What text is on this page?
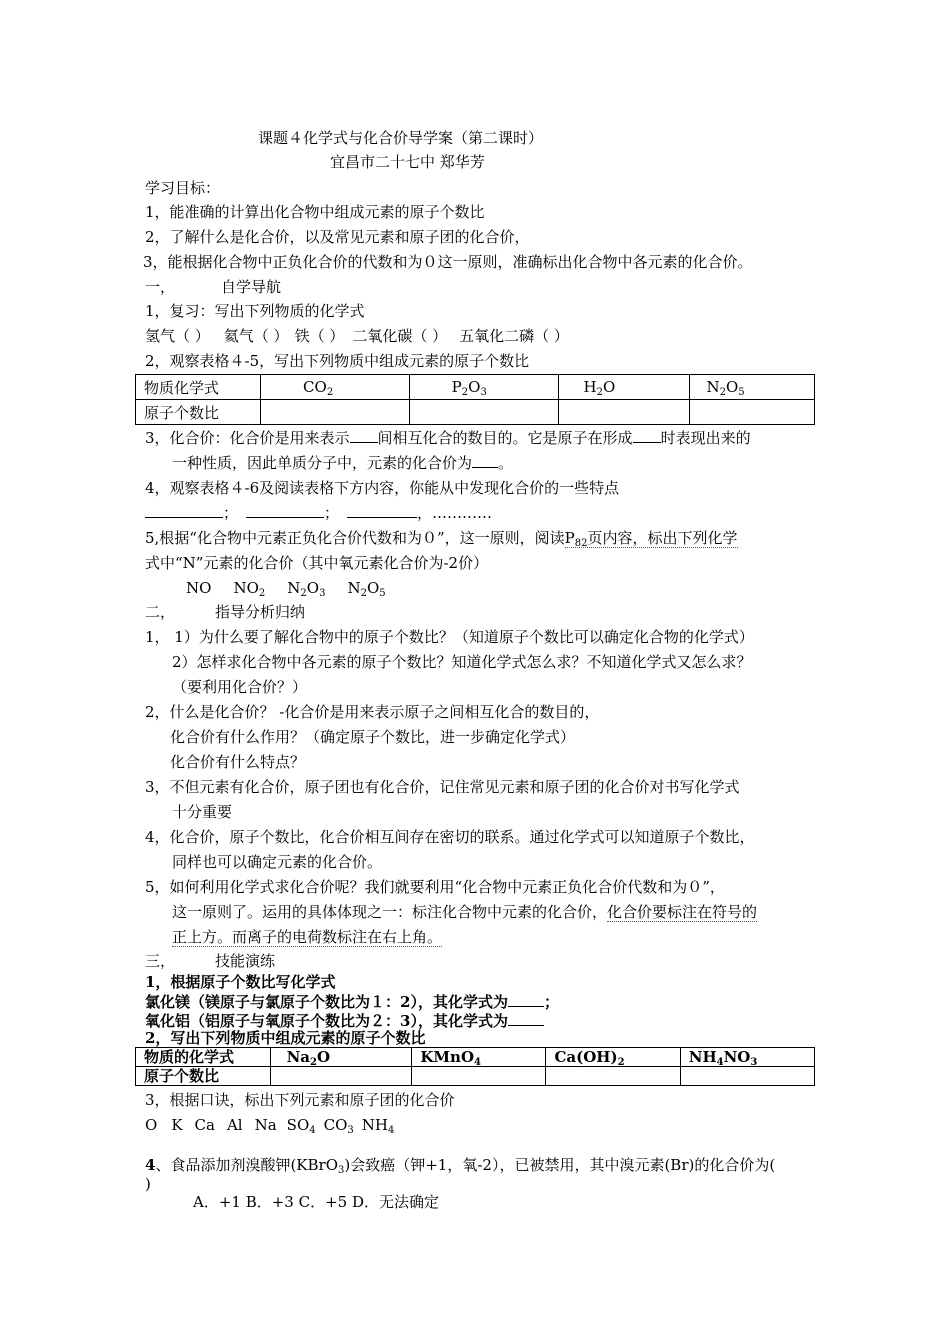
课题４化学式与化合价导学案（第二课时）
宜昌市二十七中 郑华芳
学习目标：
1，能准确的计算出化合物中组成元素的原子个数比
2，了解什么是化合价，以及常见元素和原子团的化合价，
3，能根据化合物中正负化合价的代数和为０这一原则，准确标出化合物中各元素的化合价。
一，	自学导航
1，复习：写出下列物质的化学式
氢气（ ） 氦气（ ） 铁（ ） 二氧化碳（ ） 五氧化二磷（ ）
2，观察表格４-5，写出下列物质中组成元素的原子个数比
物质化学式	$CO_2$	$P_2O_3$	$H_2O$	$N_2O_5$
原子个数比				
3，化合价：化合价是用来表示 间相互化合的数目的。它是原子在形成 时表现出来的
一种性质，因此单质分子中，元素的化合价为 。
4，观察表格４-6及阅读表格下方内容，你能从中发现化合价的一些特点
；	；	，…………
5,根据“化合物中元素正负化合价代数和为０”，这一原则，阅读$P_{82}$页内容，标出下列化学
式中“N”元素的化合价（其中氧元素化合价为-2价）
NO $NO_2$ $N_2O_3$ $N_2O_5$
二，	指导分析归纳
1， 1）为什么要了解化合物中的原子个数比？（知道原子个数比可以确定化合物的化学式）
2）怎样求化合物中各元素的原子个数比？知道化学式怎么求？不知道化学式又怎么求？
（要利用化合价？）
2，什么是化合价？ -化合价是用来表示原子之间相互化合的数目的，
化合价有什么作用？（确定原子个数比，进一步确定化学式）
化合价有什么特点？
3，不但元素有化合价，原子团也有化合价，记住常见元素和原子团的化合价对书写化学式
十分重要
4，化合价，原子个数比，化合价相互间存在密切的联系。通过化学式可以知道原子个数比，
同样也可以确定元素的化合价。
5，如何利用化学式求化合价呢？我们就要利用“化合物中元素正负化合价代数和为０”，
这一原则了。运用的具体体现之一：标注化合物中元素的化合价，化合价要标注在符号的
正上方。而离子的电荷数标注在右上角。
三，	技能演练
1，根据原子个数比写化学式
氯化镁（镁原子与氯原子个数比为１：2），其化学式为 ；
氧化铝（铝原子与氧原子个数比为２：3），其化学式为
2，写出下列物质中组成元素的原子个数比
物质的化学式	$Na_2O$	KMnO$_4$	$Ca(OH)_2$	$NH_4NO_3$
原子个数比				
3，根据口诀，标出下列元素和原子团的化合价
O K Ca Al Na $SO_4$ $CO_3$ $NH_4$
4、食品添加剂溴酸钾(KBrO$_3$)会致癌（钾+1，氧-2），已被禁用，其中溴元素(Br)的化合价为(
)
A．+1 B．+3 C．+5 D．无法确定
